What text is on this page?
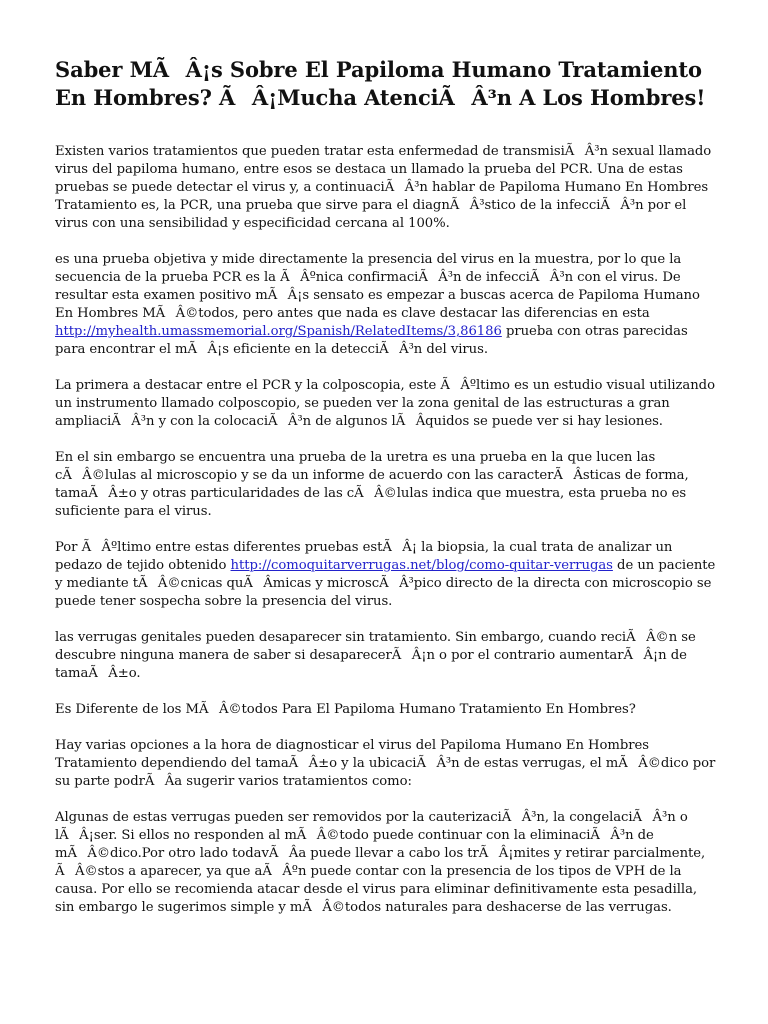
Saber MÃÂ¡s Sobre El Papiloma Humano Tratamiento En Hombres? ÃÂ¡Mucha AtenciÃÂ³n A Los Hombres!

Existen varios tratamientos que pueden tratar esta enfermedad de transmisiÃÂ³n sexual llamado virus del papiloma humano, entre esos se destaca un llamado la prueba del PCR. Una de estas pruebas se puede detectar el virus y, a continuaciÃÂ³n hablar de Papiloma Humano En Hombres Tratamiento es, la PCR, una prueba que sirve para el diagnÃÂ³stico de la infecciÃÂ³n por el virus con una sensibilidad y especificidad cercana al 100%.

es una prueba objetiva y mide directamente la presencia del virus en la muestra, por lo que la secuencia de la prueba PCR es la ÃÂºnica confirmaciÃÂ³n de infecciÃÂ³n con el virus. De resultar esta examen positivo mÃÂ¡s sensato es empezar a buscas acerca de Papiloma Humano En Hombres MÃÂ©todos, pero antes que nada es clave destacar las diferencias en esta http://myhealth.umassmemorial.org/Spanish/RelatedItems/3,86186 prueba con otras parecidas para encontrar el mÃÂ¡s eficiente en la detecciÃÂ³n del virus.

La primera a destacar entre el PCR y la colposcopia, este ÃÂºltimo es un estudio visual utilizando un instrumento llamado colposcopio, se pueden ver la zona genital de las estructuras a gran ampliaciÃÂ³n y con la colocaciÃÂ³n de algunos lÃÂquidos se puede ver si hay lesiones.

En el sin embargo se encuentra una prueba de la uretra es una prueba en la que lucen las cÃÂ©lulas al microscopio y se da un informe de acuerdo con las caracterÃÂsticas de forma, tamaÃÂ±o y otras particularidades de las cÃÂ©lulas indica que muestra, esta prueba no es suficiente para el virus.

Por ÃÂºltimo entre estas diferentes pruebas estÃÂ¡ la biopsia, la cual trata de analizar un pedazo de tejido obtenido http://comoquitarverrugas.net/blog/como-quitar-verrugas de un paciente y mediante tÃÂ©cnicas quÃÂmicas y microscÃÂ³pico directo de la directa con microscopio se puede tener sospecha sobre la presencia del virus.

las verrugas genitales pueden desaparecer sin tratamiento. Sin embargo, cuando reciÃÂ©n se descubre ninguna manera de saber si desaparecerÃÂ¡n o por el contrario aumentarÃÂ¡n de tamaÃÂ±o.

Es Diferente de los MÃÂ©todos Para El Papiloma Humano Tratamiento En Hombres?

Hay varias opciones a la hora de diagnosticar el virus del Papiloma Humano En Hombres Tratamiento dependiendo del tamaÃÂ±o y la ubicaciÃÂ³n de estas verrugas, el mÃÂ©dico por su parte podrÃÂa sugerir varios tratamientos como:

Algunas de estas verrugas pueden ser removidos por la cauterizaciÃÂ³n, la congelaciÃÂ³n o lÃÂ¡ser. Si ellos no responden al mÃÂ©todo puede continuar con la eliminaciÃÂ³n de mÃÂ©dico.Por otro lado todavÃÂa puede llevar a cabo los trÃÂ¡mites y retirar parcialmente, ÃÂ©stos a aparecer, ya que aÃÂºn puede contar con la presencia de los tipos de VPH de la causa. Por ello se recomienda atacar desde el virus para eliminar definitivamente esta pesadilla, sin embargo le sugerimos simple y mÃÂ©todos naturales para deshacerse de las verrugas.
